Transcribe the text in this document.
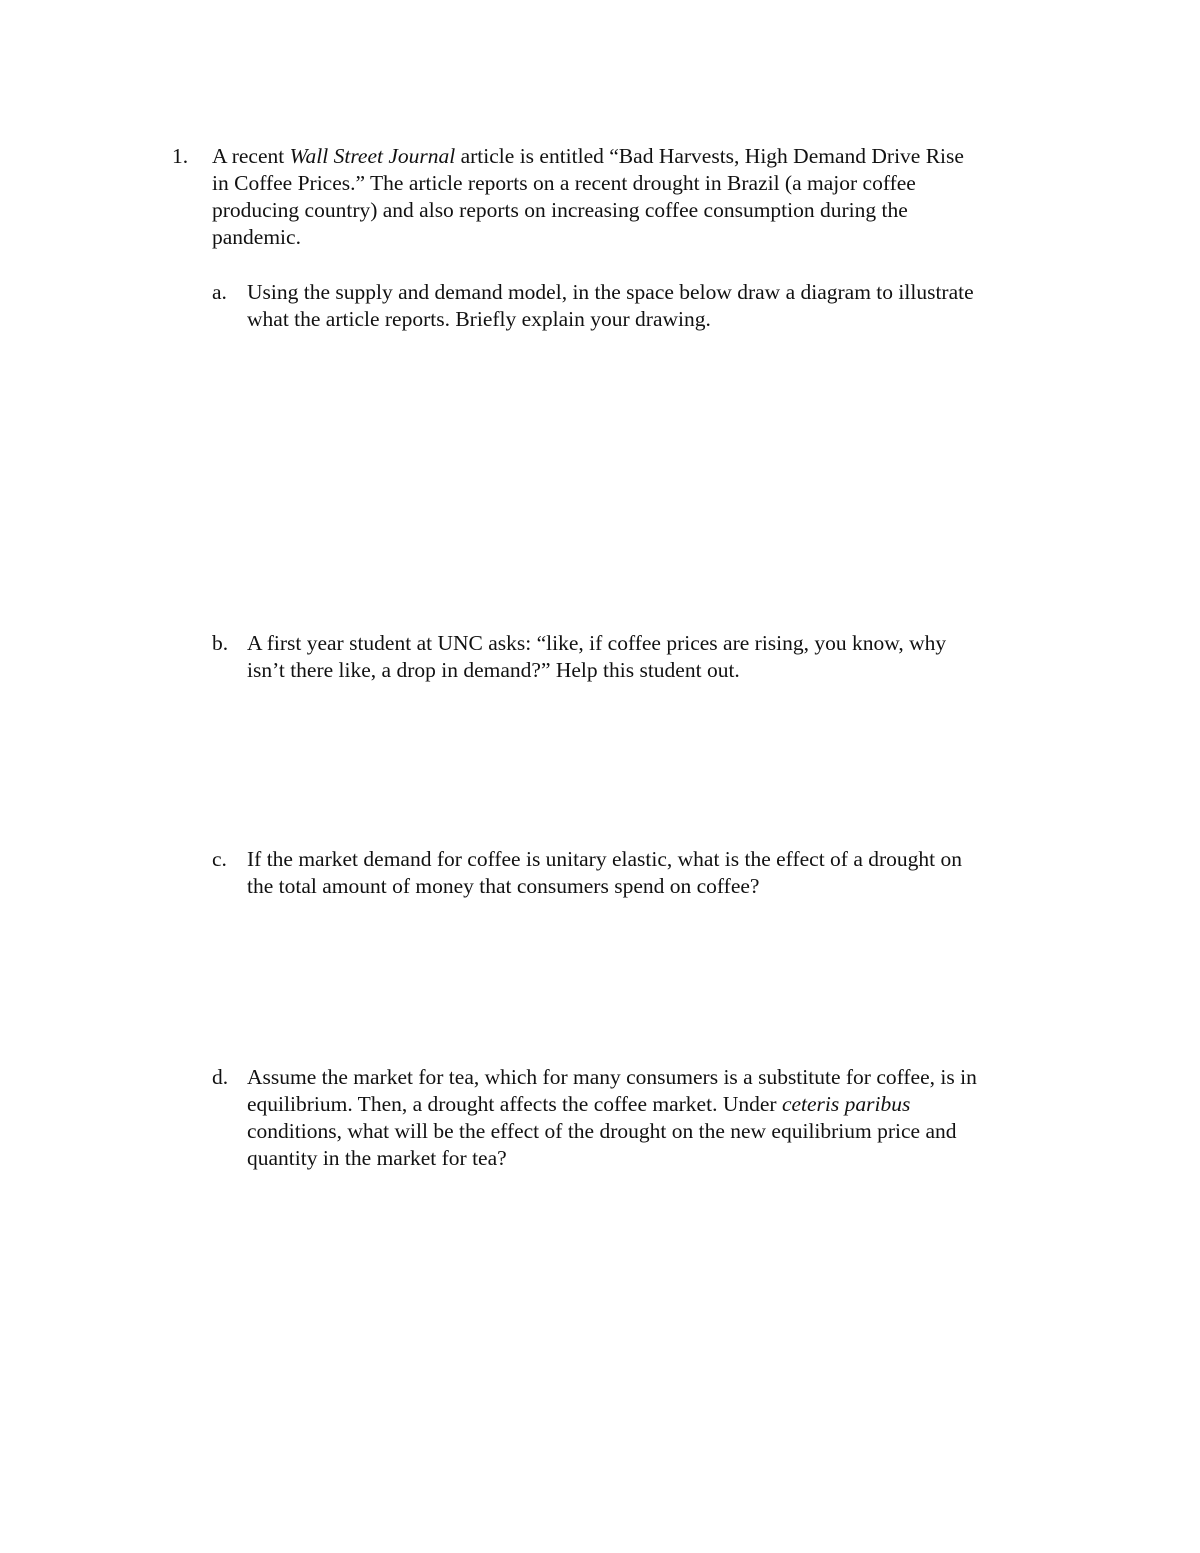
1. A recent Wall Street Journal article is entitled “Bad Harvests, High Demand Drive Rise
in Coffee Prices.” The article reports on a recent drought in Brazil (a major coffee
producing country) and also reports on increasing coffee consumption during the
pandemic.
a. Using the supply and demand model, in the space below draw a diagram to illustrate
what the article reports. Briefly explain your drawing.
b. A first year student at UNC asks: “like, if coffee prices are rising, you know, why
isn’t there like, a drop in demand?” Help this student out.
c. If the market demand for coffee is unitary elastic, what is the effect of a drought on
the total amount of money that consumers spend on coffee?
d. Assume the market for tea, which for many consumers is a substitute for coffee, is in
equilibrium. Then, a drought affects the coffee market. Under ceteris paribus
conditions, what will be the effect of the drought on the new equilibrium price and
quantity in the market for tea?
